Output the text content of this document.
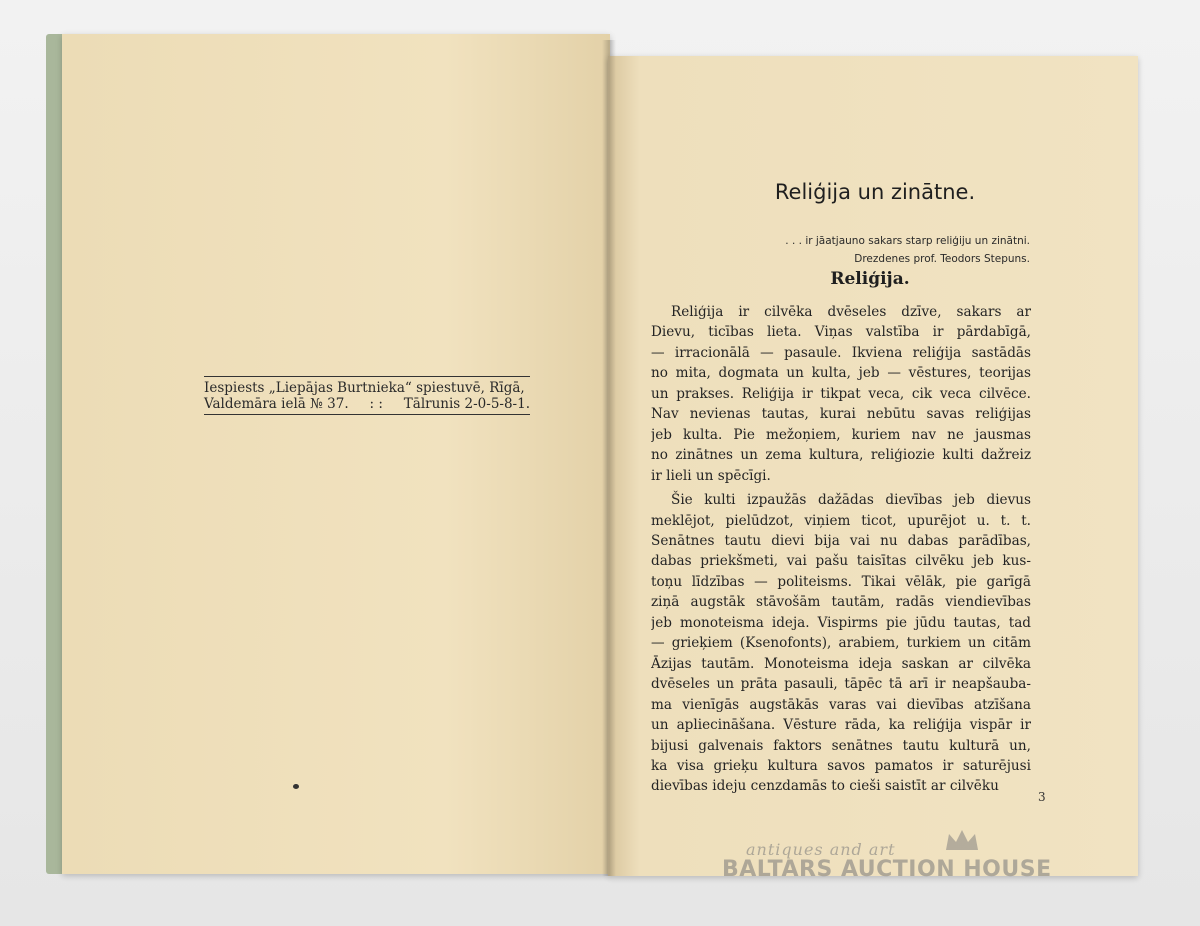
Iespiests „Liepājas Burtnieka“ spiestuvē, Rīgā,
Valdemāra ielā № 37. : : Tālrunis 2-0-5-8-1.
Reliģija un zinātne.
. . . ir jāatjauno sakars starp reliģiju un zinātni.
Drezdenes prof. Teodors Stepuns.
Reliģija.
Reliģija ir cilvēka dvēseles dzīve, sakars ar
Dievu, ticības lieta. Viņas valstība ir pārdabīgā,
— irracionālā — pasaule. Ikviena reliģija sastādās
no mita, dogmata un kulta, jeb — vēstures, teorijas
un prakses. Reliģija ir tikpat veca, cik veca cilvēce.
Nav nevienas tautas, kurai nebūtu savas reliģijas
jeb kulta. Pie mežoņiem, kuriem nav ne jausmas
no zinātnes un zema kultura, reliģiozie kulti dažreiz
ir lieli un spēcīgi.
Šie kulti izpaužās dažādas dievības jeb dievus
meklējot, pielūdzot, viņiem ticot, upurējot u. t. t.
Senātnes tautu dievi bija vai nu dabas parādības,
dabas priekšmeti, vai pašu taisītas cilvēku jeb kus-
toņu līdzības — politeisms. Tikai vēlāk, pie garīgā
ziņā augstāk stāvošām tautām, radās viendievības
jeb monoteisma ideja. Vispirms pie jūdu tautas, tad
— grieķiem (Ksenofonts), arabiem, turkiem un citām
Āzijas tautām. Monoteisma ideja saskan ar cilvēka
dvēseles un prāta pasauli, tāpēc tā arī ir neapšauba-
ma vienīgās augstākās varas vai dievības atzīšana
un apliecināšana. Vēsture rāda, ka reliģija vispār ir
bijusi galvenais faktors senātnes tautu kulturā un,
ka visa grieķu kultura savos pamatos ir saturējusi
dievības ideju cenzdamās to cieši saistīt ar cilvēku
3
antiques and art
BALTARS AUCTION HOUSE
